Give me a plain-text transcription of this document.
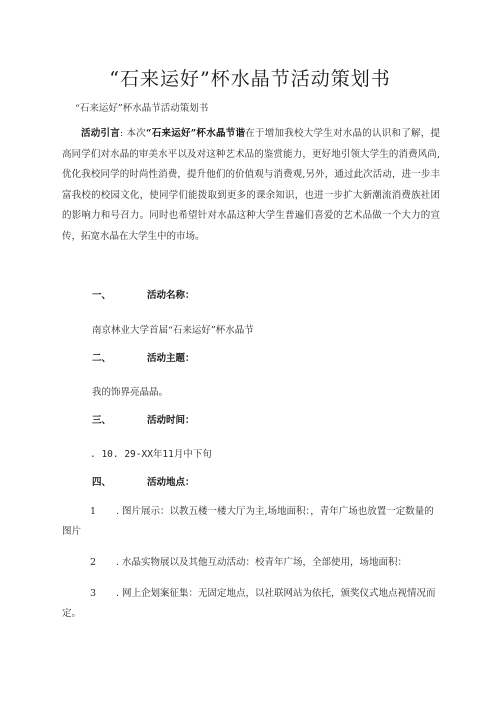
“石来运好”杯水晶节活动策划书
“石来运好”杯水晶节活动策划书
活动引言: 本次“石来运好”杯水晶节谐在于增加我校大学生对水晶的认识和了解，提高同学们对水晶的审美水平以及对这种艺术品的鉴赏能力，更好地引领大学生的消费风尚,优化我校同学的时尚性消费，提升他们的价值观与消费观,另外，通过此次活动，进一步丰富我校的校园文化，使同学们能拨取到更多的课余知识，也进一步扩大新潮流消费族社团的影响力和号召力。同时也希望针对水晶这种大学生普遍们喜爱的艺术品做一个大力的宣传，拓宽水晶在大学生中的市场。
一、	活动名称：
南京林业大学首届“石来运好”杯水晶节
二、	活动主题：
我的饰界亮晶晶。
三、	活动时间：
. 10. 29-XX年11月中下旬
四、	活动地点：
1 . 图片展示：以教五楼一楼大厅为主,场地面积：，青年广场也放置一定数量的图片
2 . 水晶实物展以及其他互动活动：校青年广场，全部使用，场地面积：
3 . 网上企划案征集：无固定地点，以社联网站为依托，颁奖仪式地点视情况而定。
